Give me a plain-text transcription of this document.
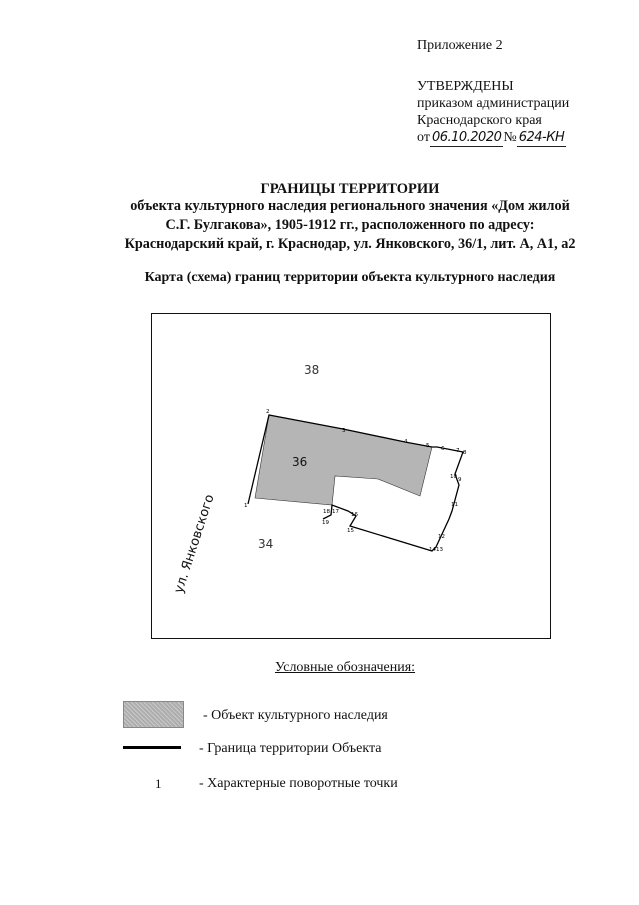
Приложение 2
УТВЕРЖДЕНЫ
приказом администрации
Краснодарского края
от 06.10.2020 № 624-КН
ГРАНИЦЫ ТЕРРИТОРИИ
объекта культурного наследия регионального значения «Дом жилой
С.Г. Булгакова», 1905-1912 гг., расположенного по адресу:
Краснодарский край, г. Краснодар, ул. Янковского, 36/1, лит. А, А1, а2
Карта (схема) границ территории объекта культурного наследия
38
36
34
ул. Янковского	1
2
3
4
5 6 7 8
9
10
11
12
13
14
15
16
17
18
19
Условные обозначения:
- Объект культурного наследия
- Граница территории Объекта
1	- Характерные поворотные точки
